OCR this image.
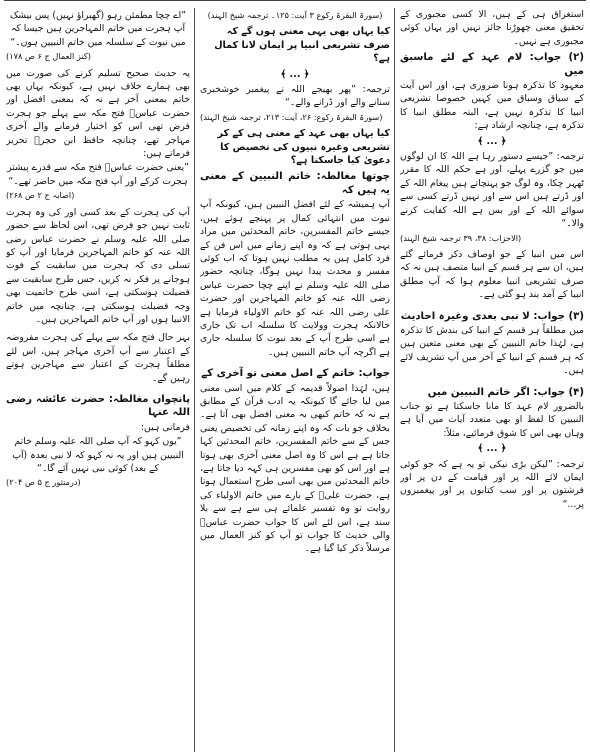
استغراق ہی کے ہیں، الا کسی مجبوری کے تحقیق معنی چھوڑنا جائز نہیں اور یہاں کوئی مجبوری ہے نہیں۔

(۲) جواب: لام عہد کے لئے ماسبق میں

معہود کا تذکرہ ہونا ضروری ہے، اور اس آیت کے سیاق وسباق میں کہیں خصوصا تشریعی انبیا کا تذکرہ نہیں ہے، البتہ مطلق انبیا کا تذکرہ ہے، چنانچہ ارشاد ہے:

﴿ ... ﴾

ترجمہ: ”جیسے دستور رہا ہے اللہ کا ان لوگوں میں جو گزرے پہلے، اور ہے حکم اللہ کا مقرر ٹھہر چکا، وہ لوگ جو پہنچاتے ہیں پیغام اللہ کے اور ڈرتے ہیں اس سے اور نہیں ڈرتے کسی سے سوائے اللہ کے اور بس ہے اللہ کفایت کرنے والا۔“

(الاحزاب: ۳۸، ۳۹ ترجمہ شیخ الہند)

اس میں انبیا کے جو اوصاف ذکر فرمائے گئے ہیں، ان سے ہر قسم کے انبیا متصف ہیں نہ کہ صرف تشریعی انبیا معلوم ہوا کہ آپ مطلق انبیا کے آمد بند ہو گئی ہے۔

(۳) جواب: لا نبی بعدی وغیرہ احادیث

میں مطلقاً ہر قسم کے انبیا کی بندش کا تذکرہ ہے، لہٰذا خاتم النبیین کے بھی معنی متعین ہیں کہ ہر قسم کے انبیا کے آخر میں آپ تشریف لائے ہیں۔

(۴) جواب: اگر خاتم النبیین میں

بالضرور لام عہد کا مانا جاسکتا ہے تو جناب النبیین کا لفظ او بھی متعدد آیات میں آیا ہے وہاں بھی اس کا شوق فرمائیے، مثلاً:

﴿ ... ﴾

ترجمہ: ”لیکن بڑی نیکی تو یہ ہے کہ جو کوئی ایمان لائے اللہ پر اور قیامت کے دن پر اور فرشتوں پر اور سب کتابوں پر اور پیغمبروں پر...“

(سورۃ البقرۃ رکوع ۳ آیت: ۱۲۵۔ ترجمہ شیخ الہند)

کیا یہاں بھی یہی معنی ہوں گے کہ صرف تشریعی انبیا پر ایمان لانا کمال ہے؟

﴿ ... ﴾

ترجمہ: ”پھر بھیجے اللہ نے پیغمبر خوشخبری سنانے والے اور ڈرانے والے۔“

(سورۃ البقرۃ رکوع: ۲۶، آیت: ۲۱۳، ترجمہ شیخ الہند)

کیا یہاں بھی عہد کے معنی ہی کے کر تشریعی وغیرہ نبیوں کی تخصیص کا دعویٰ کیا جاسکتا ہے؟

چوتھا مغالطہ: خاتم النبیین کے معنی یہ ہیں کہ

آپ ہمیشہ کے لئے افضل النبیین ہیں، کیونکہ آپ نبوت میں انتہائی کمال پر پہنچے ہوئے ہیں، جیسے خاتم المفسرین، خاتم المحدثین میں مراد یہی ہوتی ہے کہ وہ اپنے زمانے میں اس فن کے فرد کامل ہیں یہ مطلب نہیں ہوتا کہ اب کوئی مفسر و محدث پیدا نہیں ہوگا، چنانچہ حضور صلی اللہ علیہ وسلم نے اپنے چچا حضرت عباس رضی اللہ عنہ کو خاتم المہاجرین اور حضرت علی رضی اللہ عنہ کو خاتم الاولیاء فرمایا ہے حالانکہ ہجرت وولایت کا سلسلہ اب تک جاری ہے اسی طرح آپ کے بعد نبوت کا سلسلہ جاری ہے اگرچہ آپ خاتم النبیین ہیں۔

جواب: خاتم کے اصل معنی تو آخری کے

ہیں، لہٰذا اصولاً قدیمہ کے کلام میں اسی معنی میں لیا جائے گا کیونکہ یہ ادب قرآن کے مطابق ہے نہ کہ خاتم کبھی بہ معنی افضل بھی آتا ہے۔ بخلاف جو بات کہ وہ اپنے زمانہ کی تخصیص یعنی جس کے سے خاتم المفسرین، خاتم المحدثین کہا جاتا ہے ہے اس کا وہ اصل معنی آخری بھی ہوتا ہے اور اس کو بھی مفسرین ہی کہہ دیا جاتا ہے، خاتم المحدثین میں بھی اسی طرح استعمال ہوتا ہے، حضرت علیؓ کے بارے میں خاتم الاولیاء کی روایت تو وہ تفسیر علمائے ہی سے ہے سے بلا سند ہے، اس لئے اس کا جواب حضرت عباسؓ والی حدیث کا جواب تو آپ کو کنز العمال میں مرسلاً ذکر کیا گیا ہے۔

”اے چچا مطمئن رہو (گھبراؤ نہیں) پس بیشک آپ ہجرت میں خاتم المہاجرین ہیں جیسا کہ میں نبوت کے سلسلہ میں خاتم النبیین ہوں۔“

(کنز العمال ج ۶ ص ۱۷۸)

یہ حدیث صحیح تسلیم کرنے کی صورت میں بھی ہمارے خلاف نہیں ہے، کیونکہ یہاں بھی خاتم بمعنی آخر ہے نہ کہ بمعنی افضل اور حضرت عباسؓ فتح مکہ سے پہلے جو ہجرت فرض تھی اس کو اختیار فرمانے والے آخری مہاجر تھے، چنانچہ حافظ ابن حجرؒ تحریر فرماتے ہیں:

”یعنی حضرت عباسؓ فتح مکہ سے قدرے پیشتر ہجرت کرکے اور آپ فتح مکہ میں حاضر تھے۔“

(اصابہ ج ۲ ص ۲۶۸)

آپ کی ہجرت کے بعد کسی اور کی وہ ہجرت ثابت نہیں جو فرض تھی، اس لحاظ سے حضور صلی اللہ علیہ وسلم نے حضرت عباس رضی اللہ عنہ کو خاتم المہاجرین فرمایا اور آپ کو تسلی دی کہ ہجرت میں سابقیت کے فوت ہوجانے پر فکر نہ کریں، جس طرح سابقیت سے فضیلت ہوسکتی ہے، اسی طرح خاتمیت بھی وجہ فضیلت ہوسکتی ہے، چنانچہ میں خاتم الانبیا ہوں اور آپ خاتم المہاجرین ہیں۔

بہر حال فتح مکہ سے پہلے کی ہجرت مفروضہ کے اعتبار سے آپ آخری مہاجر ہیں، اس لئے مطلقاً ہجرت کے اعتبار سے مہاجرین ہوتے رہیں گے۔

پانچواں مغالطہ: حضرت عائشہ رضی اللہ عنہا

فرماتی ہیں:

”یوں کہو کہ آپ صلی اللہ علیہ وسلم خاتم النبیین ہیں اور یہ نہ کہو کہ لا نبی بعدہ (آپ کے بعد) کوئی نبی نہیں آئے گا۔“

(درمنثور ج ۵ ص ۲۰۴)
